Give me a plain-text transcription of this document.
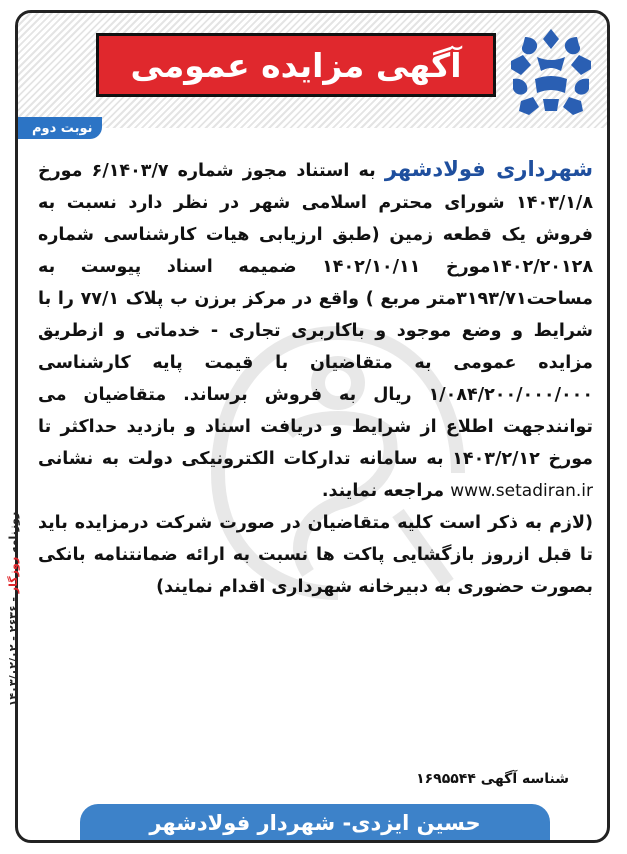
آگهی مزایده عمومی
نوبت دوم

شهرداری فولادشهر به استناد مجوز شماره ۶/۱۴۰۳/۷ مورخ ۱۴۰۳/۱/۸ شورای محترم اسلامی شهر در نظر دارد نسبت به فروش یک قطعه زمین (طبق ارزیابی هیات کارشناسی شماره ۱۴۰۲/۲۰۱۲۸مورخ ۱۴۰۲/۱۰/۱۱ ضمیمه اسناد پیوست به مساحت۳۱۹۳/۷۱متر مربع ) واقع در مرکز برزن ب پلاک ۷۷/۱ را با شرایط و وضع موجود و باکاربری تجاری - خدماتی و ازطریق مزایده عمومی به متقاضیان با قیمت پایه کارشناسی ۱/۰۸۴/۲۰۰/۰۰۰/۰۰۰ ریال به فروش برساند. متقاضیان می توانندجهت اطلاع از شرایط و دریافت اسناد و بازدید حداکثر تا مورخ ۱۴۰۳/۲/۱۲ به سامانه تدارکات الکترونیکی دولت به نشانی www.setadiran.ir مراجعه نمایند.

(لازم به ذکر است کلیه متقاضیان در صورت شرکت درمزایده باید تا قبل ازروز بازگشایی پاکت ها نسبت به ارائه ضمانتنامه بانکی بصورت حضوری به دبیرخانه شهرداری اقدام نمایند)

شناسه آگهی ۱۶۹۵۵۴۴
حسین ایزدی- شهردار فولادشهر
روزنامه روزگار - ۲۶۳۶ - ۱۴۰۳/۰۲/۰۲
